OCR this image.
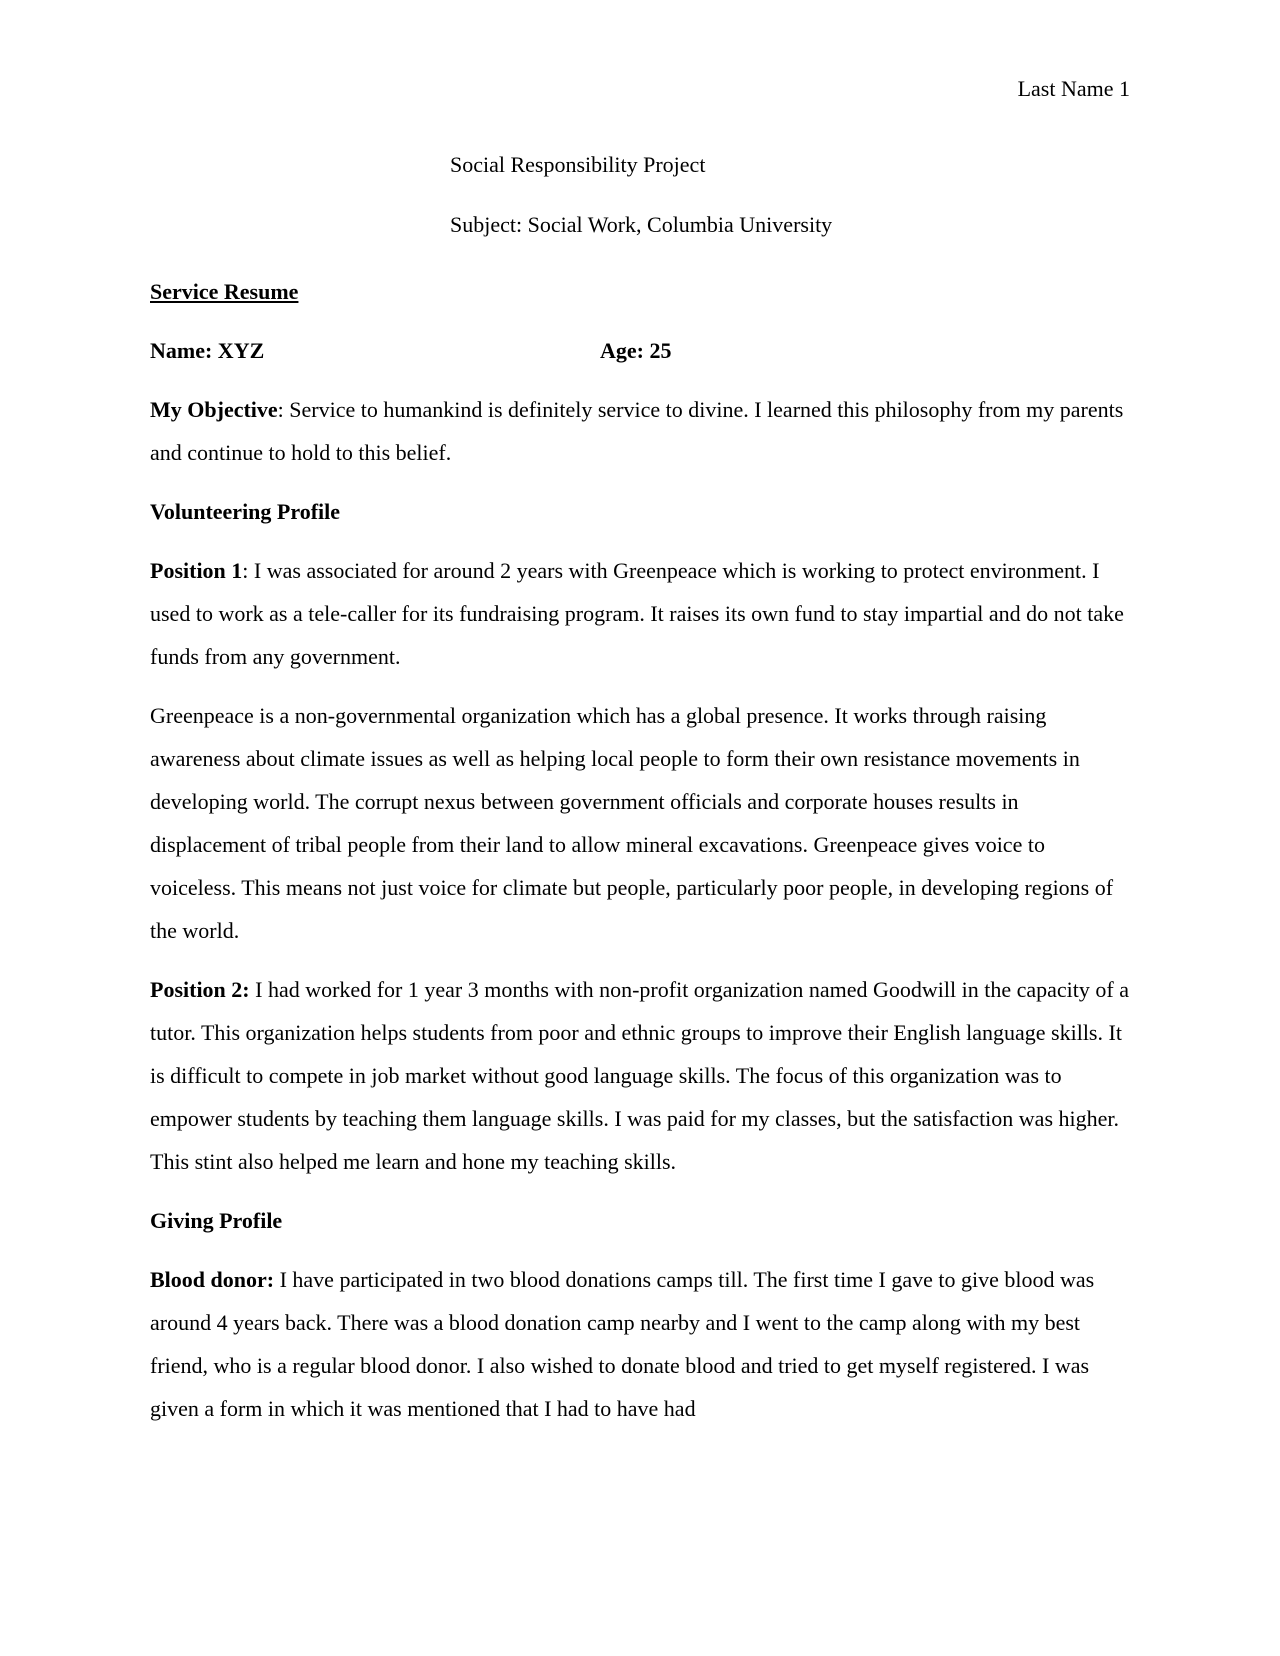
Last Name 1
Social Responsibility Project
Subject: Social Work, Columbia University

Service Resume

Name: XYZ	Age: 25

My Objective: Service to humankind is definitely service to divine. I learned this philosophy from my parents and continue to hold to this belief.

Volunteering Profile

Position 1: I was associated for around 2 years with Greenpeace which is working to protect environment. I used to work as a tele-caller for its fundraising program. It raises its own fund to stay impartial and do not take funds from any government.

Greenpeace is a non-governmental organization which has a global presence. It works through raising awareness about climate issues as well as helping local people to form their own resistance movements in developing world. The corrupt nexus between government officials and corporate houses results in displacement of tribal people from their land to allow mineral excavations. Greenpeace gives voice to voiceless. This means not just voice for climate but people, particularly poor people, in developing regions of the world.

Position 2: I had worked for 1 year 3 months with non-profit organization named Goodwill in the capacity of a tutor. This organization helps students from poor and ethnic groups to improve their English language skills. It is difficult to compete in job market without good language skills. The focus of this organization was to empower students by teaching them language skills. I was paid for my classes, but the satisfaction was higher. This stint also helped me learn and hone my teaching skills.

Giving Profile

Blood donor: I have participated in two blood donations camps till. The first time I gave to give blood was around 4 years back. There was a blood donation camp nearby and I went to the camp along with my best friend, who is a regular blood donor. I also wished to donate blood and tried to get myself registered. I was given a form in which it was mentioned that I had to have had
